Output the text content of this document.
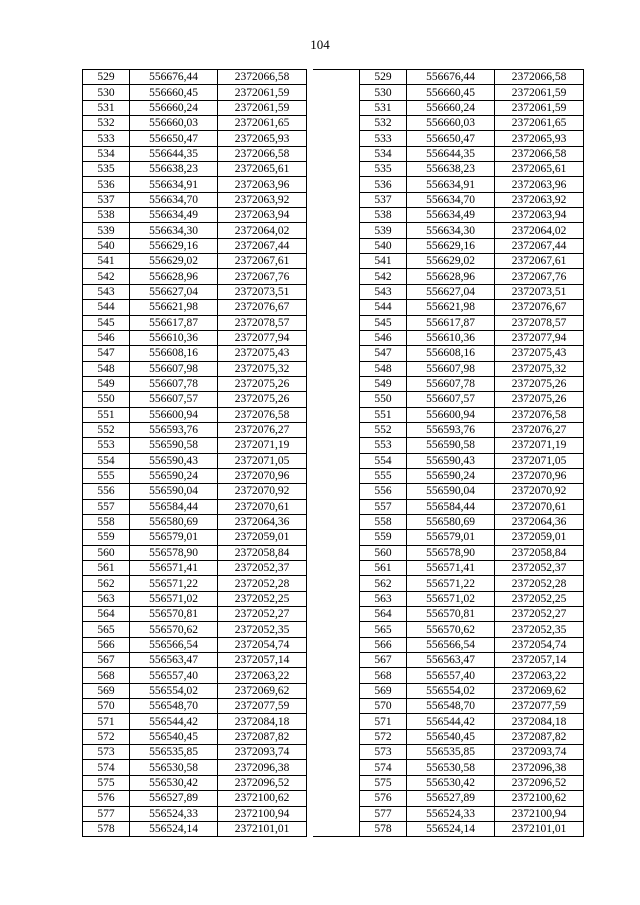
104
529	556676,44	2372066,58
530	556660,45	2372061,59
531	556660,24	2372061,59
532	556660,03	2372061,65
533	556650,47	2372065,93
534	556644,35	2372066,58
535	556638,23	2372065,61
536	556634,91	2372063,96
537	556634,70	2372063,92
538	556634,49	2372063,94
539	556634,30	2372064,02
540	556629,16	2372067,44
541	556629,02	2372067,61
542	556628,96	2372067,76
543	556627,04	2372073,51
544	556621,98	2372076,67
545	556617,87	2372078,57
546	556610,36	2372077,94
547	556608,16	2372075,43
548	556607,98	2372075,32
549	556607,78	2372075,26
550	556607,57	2372075,26
551	556600,94	2372076,58
552	556593,76	2372076,27
553	556590,58	2372071,19
554	556590,43	2372071,05
555	556590,24	2372070,96
556	556590,04	2372070,92
557	556584,44	2372070,61
558	556580,69	2372064,36
559	556579,01	2372059,01
560	556578,90	2372058,84
561	556571,41	2372052,37
562	556571,22	2372052,28
563	556571,02	2372052,25
564	556570,81	2372052,27
565	556570,62	2372052,35
566	556566,54	2372054,74
567	556563,47	2372057,14
568	556557,40	2372063,22
569	556554,02	2372069,62
570	556548,70	2372077,59
571	556544,42	2372084,18
572	556540,45	2372087,82
573	556535,85	2372093,74
574	556530,58	2372096,38
575	556530,42	2372096,52
576	556527,89	2372100,62
577	556524,33	2372100,94
578	556524,14	2372101,01
529	556676,44	2372066,58
530	556660,45	2372061,59
531	556660,24	2372061,59
532	556660,03	2372061,65
533	556650,47	2372065,93
534	556644,35	2372066,58
535	556638,23	2372065,61
536	556634,91	2372063,96
537	556634,70	2372063,92
538	556634,49	2372063,94
539	556634,30	2372064,02
540	556629,16	2372067,44
541	556629,02	2372067,61
542	556628,96	2372067,76
543	556627,04	2372073,51
544	556621,98	2372076,67
545	556617,87	2372078,57
546	556610,36	2372077,94
547	556608,16	2372075,43
548	556607,98	2372075,32
549	556607,78	2372075,26
550	556607,57	2372075,26
551	556600,94	2372076,58
552	556593,76	2372076,27
553	556590,58	2372071,19
554	556590,43	2372071,05
555	556590,24	2372070,96
556	556590,04	2372070,92
557	556584,44	2372070,61
558	556580,69	2372064,36
559	556579,01	2372059,01
560	556578,90	2372058,84
561	556571,41	2372052,37
562	556571,22	2372052,28
563	556571,02	2372052,25
564	556570,81	2372052,27
565	556570,62	2372052,35
566	556566,54	2372054,74
567	556563,47	2372057,14
568	556557,40	2372063,22
569	556554,02	2372069,62
570	556548,70	2372077,59
571	556544,42	2372084,18
572	556540,45	2372087,82
573	556535,85	2372093,74
574	556530,58	2372096,38
575	556530,42	2372096,52
576	556527,89	2372100,62
577	556524,33	2372100,94
578	556524,14	2372101,01
